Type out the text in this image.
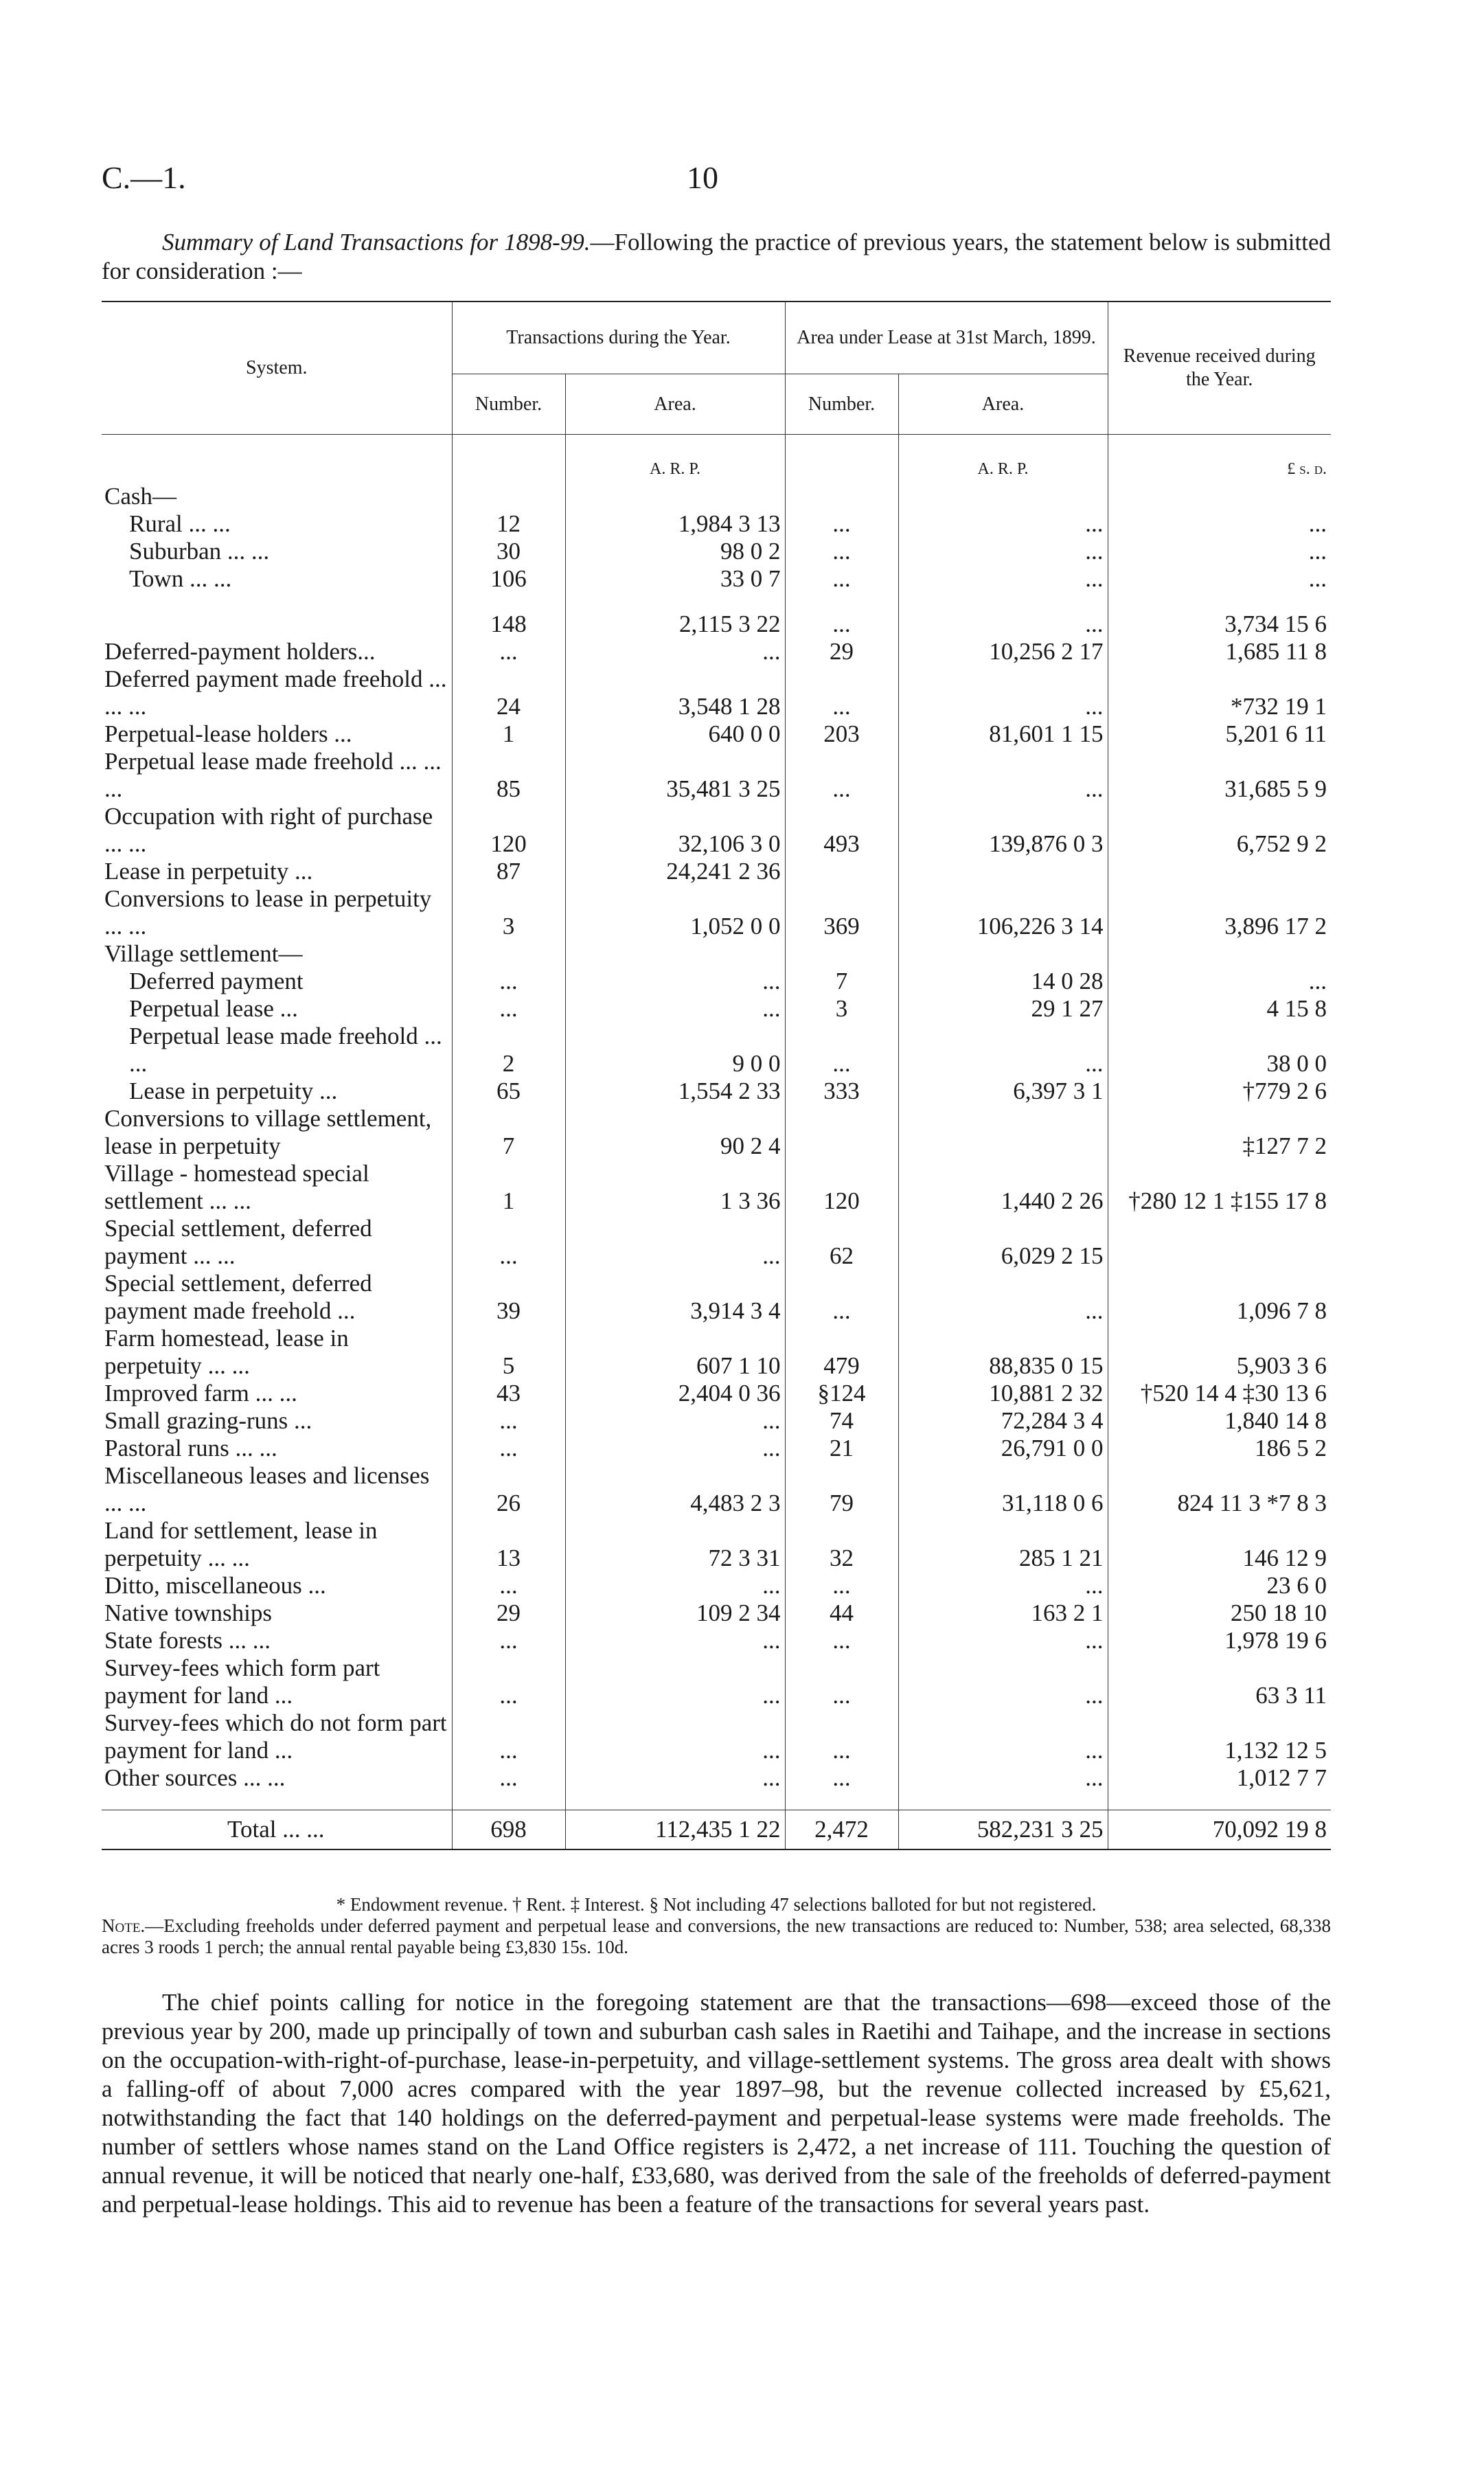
C.—1.	10
Summary of Land Transactions for 1898-99.—Following the practice of previous years, the statement below is submitted for consideration :—
System.	Transactions during the Year.		Area under Lease at 31st March, 1899.		Revenue received during the Year.
	Number.	Area.	Number.	Area.	
		A. R. P.		A. R. P.	£ s. d.
Cash—					
Rural ... ...	12	1,984 3 13	...	...	...
Suburban ... ...	30	98 0 2	...	...	...
Town ... ...	106	33 0 7	...	...	...

	148	2,115 3 22	...	...	3,734 15 6
Deferred-payment holders...	...	...	29	10,256 2 17	1,685 11 8
Deferred payment made freehold ... ... ...	24	3,548 1 28	...	...	*732 19 1
Perpetual-lease holders ...	1	640 0 0	203	81,601 1 15	5,201 6 11
Perpetual lease made freehold ... ... ...	85	35,481 3 25	...	...	31,685 5 9
Occupation with right of purchase ... ...	120	32,106 3 0	493	139,876 0 3	6,752 9 2
Lease in perpetuity ...	87	24,241 2 36			
Conversions to lease in perpetuity ... ...	3	1,052 0 0	369	106,226 3 14	3,896 17 2
Village settlement—					
Deferred payment	...	...	7	14 0 28	...
Perpetual lease ...	...	...	3	29 1 27	4 15 8
Perpetual lease made freehold ... ...	2	9 0 0	...	...	38 0 0
Lease in perpetuity ...	65	1,554 2 33	333	6,397 3 1	†779 2 6
Conversions to village settlement, lease in perpetuity	7	90 2 4			‡127 7 2
Village - homestead special settlement ... ...	1	1 3 36	120	1,440 2 26	†280 12 1 ‡155 17 8
Special settlement, deferred payment ... ...	...	...	62	6,029 2 15	
Special settlement, deferred payment made freehold ...	39	3,914 3 4	...	...	1,096 7 8
Farm homestead, lease in perpetuity ... ...	5	607 1 10	479	88,835 0 15	5,903 3 6
Improved farm ... ...	43	2,404 0 36	§124	10,881 2 32	†520 14 4 ‡30 13 6
Small grazing-runs ...	...	...	74	72,284 3 4	1,840 14 8
Pastoral runs ... ...	...	...	21	26,791 0 0	186 5 2
Miscellaneous leases and licenses ... ...	26	4,483 2 3	79	31,118 0 6	824 11 3 *7 8 3
Land for settlement, lease in perpetuity ... ...	13	72 3 31	32	285 1 21	146 12 9
Ditto, miscellaneous ...	...	...	...	...	23 6 0
Native townships	29	109 2 34	44	163 2 1	250 18 10
State forests ... ...	...	...	...	...	1,978 19 6
Survey-fees which form part payment for land ...	...	...	...	...	63 3 11
Survey-fees which do not form part payment for land ...	...	...	...	...	1,132 12 5
Other sources ... ...	...	...	...	...	1,012 7 7

Total ... ...	698	112,435 1 22	2,472	582,231 3 25	70,092 19 8
* Endowment revenue. † Rent. ‡ Interest. § Not including 47 selections balloted for but not registered.
Note.—Excluding freeholds under deferred payment and perpetual lease and conversions, the new transactions are reduced to: Number, 538; area selected, 68,338 acres 3 roods 1 perch; the annual rental payable being £3,830 15s. 10d.
The chief points calling for notice in the foregoing statement are that the transactions—698—exceed those of the previous year by 200, made up principally of town and suburban cash sales in Raetihi and Taihape, and the increase in sections on the occupation-with-right-of-purchase, lease-in-perpetuity, and village-settlement systems. The gross area dealt with shows a falling-off of about 7,000 acres compared with the year 1897–98, but the revenue collected increased by £5,621, notwithstanding the fact that 140 holdings on the deferred-payment and perpetual-lease systems were made freeholds. The number of settlers whose names stand on the Land Office registers is 2,472, a net increase of 111. Touching the question of annual revenue, it will be noticed that nearly one-half, £33,680, was derived from the sale of the freeholds of deferred-payment and perpetual-lease holdings. This aid to revenue has been a feature of the transactions for several years past.
